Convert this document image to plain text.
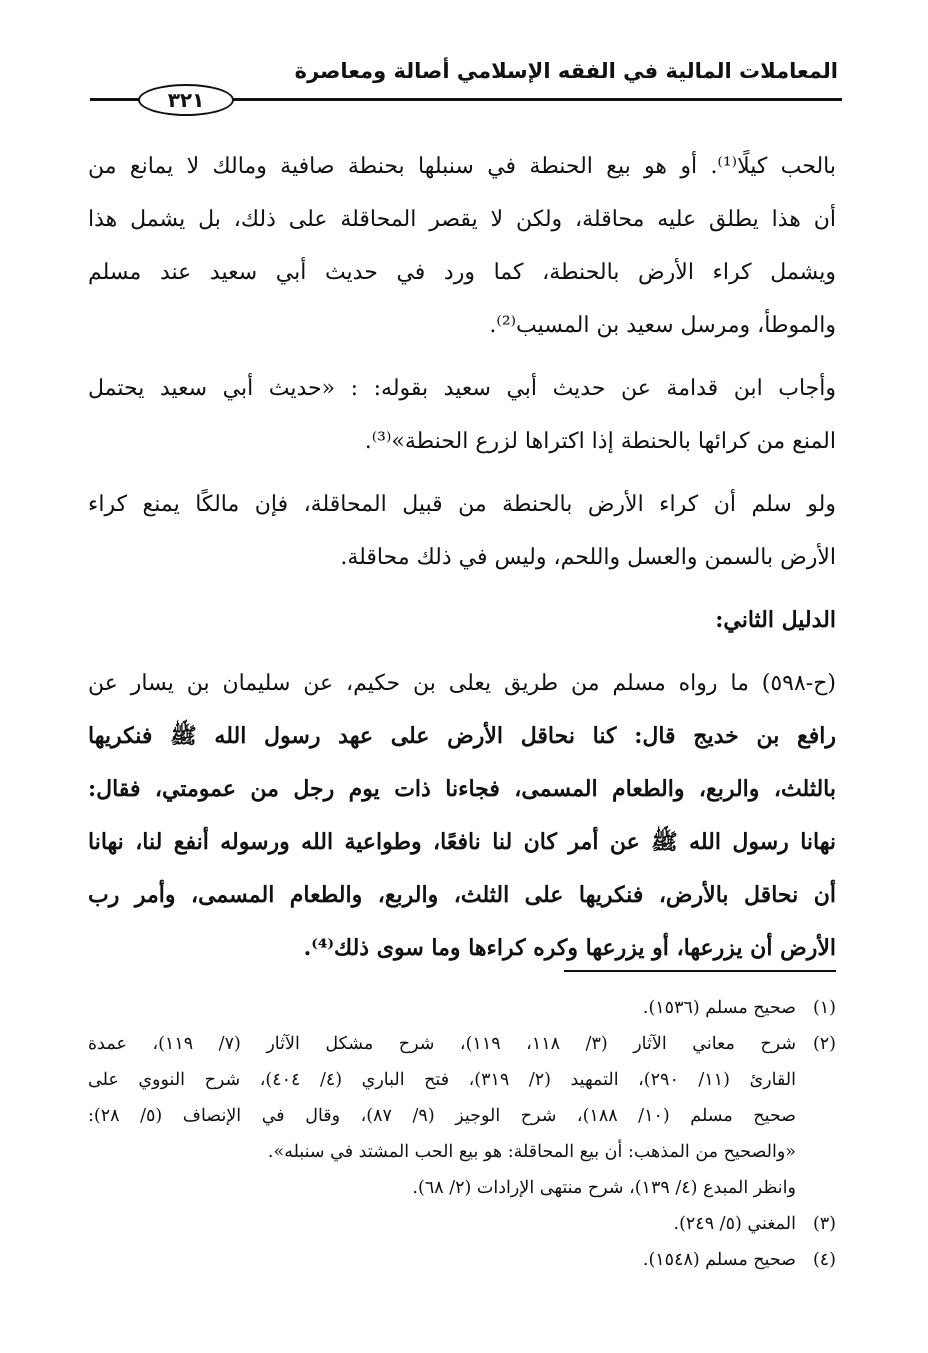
المعاملات المالية في الفقه الإسلامي أصالة ومعاصرة
٣٢١

بالحب كيلًا⁽¹⁾. أو هو بيع الحنطة في سنبلها بحنطة صافية ومالك لا يمانع من
أن هذا يطلق عليه محاقلة، ولكن لا يقصر المحاقلة على ذلك، بل يشمل هذا
ويشمل كراء الأرض بالحنطة، كما ورد في حديث أبي سعيد عند مسلم
والموطأ، ومرسل سعيد بن المسيب⁽²⁾.

وأجاب ابن قدامة عن حديث أبي سعيد بقوله: : «حديث أبي سعيد يحتمل
المنع من كرائها بالحنطة إذا اكتراها لزرع الحنطة»⁽³⁾.

ولو سلم أن كراء الأرض بالحنطة من قبيل المحاقلة، فإن مالكًا يمنع كراء
الأرض بالسمن والعسل واللحم، وليس في ذلك محاقلة.

الدليل الثاني:

(ح-٥٩٨) ما رواه مسلم من طريق يعلى بن حكيم، عن سليمان بن يسار عن
رافع بن خديج قال: كنا نحاقل الأرض على عهد رسول الله ﷺ فنكريها
بالثلث، والربع، والطعام المسمى، فجاءنا ذات يوم رجل من عمومتي، فقال:
نهانا رسول الله ﷺ عن أمر كان لنا نافعًا، وطواعية الله ورسوله أنفع لنا، نهانا
أن نحاقل بالأرض، فنكريها على الثلث، والربع، والطعام المسمى، وأمر رب
الأرض أن يزرعها، أو يزرعها وكره كراءها وما سوى ذلك⁽⁴⁾.

(١)
صحيح مسلم (١٥٣٦).
(٢)
شرح معاني الآثار (٣/ ١١٨، ١١٩)، شرح مشكل الآثار (٧/ ١١٩)، عمدة
القارئ (١١/ ٢٩٠)، التمهيد (٢/ ٣١٩)، فتح الباري (٤/ ٤٠٤)، شرح النووي على
صحيح مسلم (١٠/ ١٨٨)، شرح الوجيز (٩/ ٨٧)، وقال في الإنصاف (٥/ ٢٨):
«والصحيح من المذهب: أن بيع المحاقلة: هو بيع الحب المشتد في سنبله».
وانظر المبدع (٤/ ١٣٩)، شرح منتهى الإرادات (٢/ ٦٨).
(٣)
المغني (٥/ ٢٤٩).
(٤)
صحيح مسلم (١٥٤٨).
